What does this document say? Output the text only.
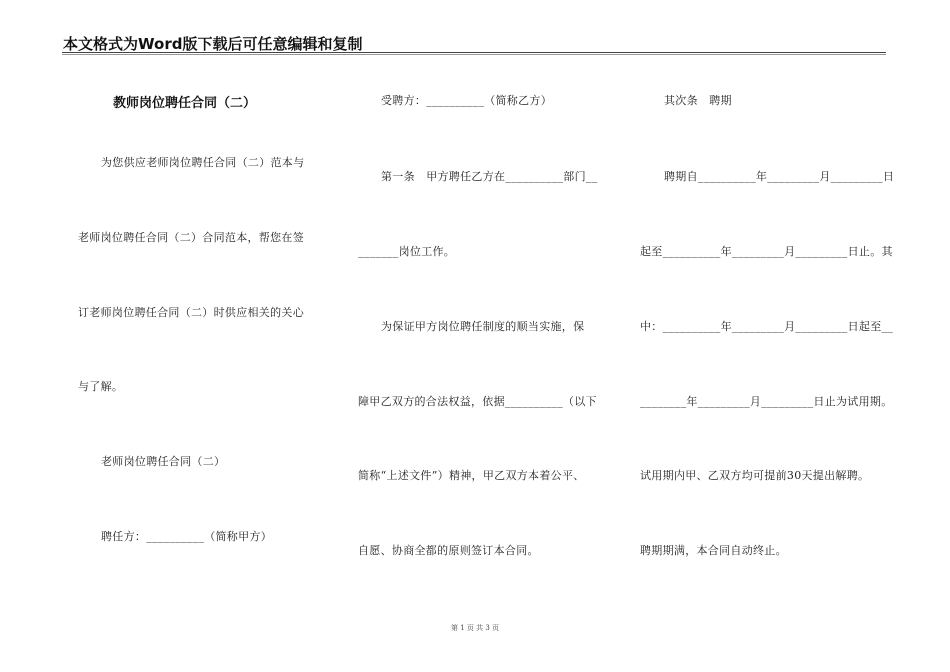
本文格式为Word版下载后可任意编辑和复制
教师岗位聘任合同（二）
为您供应老师岗位聘任合同（二）范本与
老师岗位聘任合同（二）合同范本，帮您在签
订老师岗位聘任合同（二）时供应相关的关心
与了解。
老师岗位聘任合同（二）
聘任方：__________（简称甲方）
受聘方：__________（简称乙方）
第一条　甲方聘任乙方在__________部门__
_______岗位工作。
为保证甲方岗位聘任制度的顺当实施，保
障甲乙双方的合法权益，依据__________（以下
简称“上述文件”）精神，甲乙双方本着公平、
自愿、协商全都的原则签订本合同。
其次条　聘期
聘期自__________年_________月_________日
起至__________年_________月_________日止。其
中：__________年_________月_________日起至__
________年_________月_________日止为试用期。
试用期内甲、乙双方均可提前30天提出解聘。
聘期期满，本合同自动终止。
第 1 页 共 3 页
